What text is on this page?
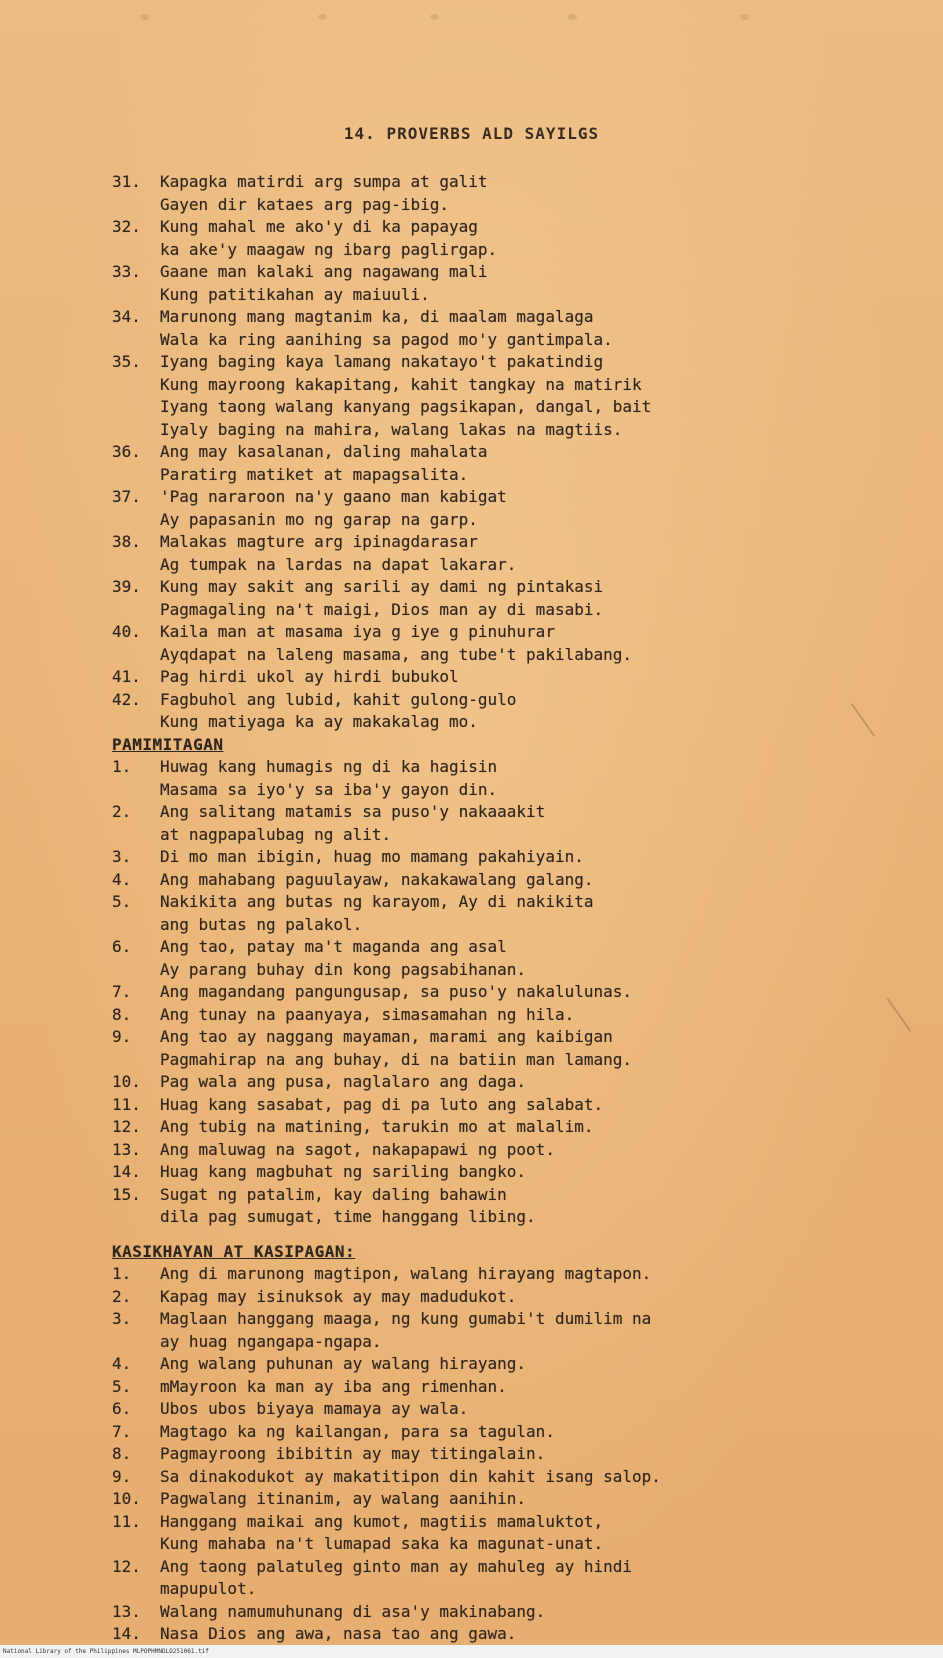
14. PROVERBS ALD SAYILGS
31.	Kapagka matirdi arg sumpa at galit
Gayen dir kataes arg pag-ibig.
32.	Kung mahal me ako'y di ka papayag
ka ake'y maagaw ng ibarg paglirgap.
33.	Gaane man kalaki ang nagawang mali
Kung patitikahan ay maiuuli.
34.	Marunong mang magtanim ka, di maalam magalaga
Wala ka ring aanihing sa pagod mo'y gantimpala.
35.	Iyang baging kaya lamang nakatayo't pakatindig
Kung mayroong kakapitang, kahit tangkay na matirik
Iyang taong walang kanyang pagsikapan, dangal, bait
Iyaly baging na mahira, walang lakas na magtiis.
36.	Ang may kasalanan, daling mahalata
Paratirg matiket at mapagsalita.
37.	'Pag nararoon na'y gaano man kabigat
Ay papasanin mo ng garap na garp.
38.	Malakas magture arg ipinagdarasar
Ag tumpak na lardas na dapat lakarar.
39.	Kung may sakit ang sarili ay dami ng pintakasi
Pagmagaling na't maigi, Dios man ay di masabi.
40.	Kaila man at masama iya g iye g pinuhurar
Ayqdapat na laleng masama, ang tube't pakilabang.
41.	Pag hirdi ukol ay hirdi bubukol
42.	Fagbuhol ang lubid, kahit gulong-gulo
Kung matiyaga ka ay makakalag mo.
PAMIMITAGAN
1.	Huwag kang humagis ng di ka hagisin
Masama sa iyo'y sa iba'y gayon din.
2.	Ang salitang matamis sa puso'y nakaaakit
at nagpapalubag ng alit.
3.	Di mo man ibigin, huag mo mamang pakahiyain.
4.	Ang mahabang paguulayaw, nakakawalang galang.
5.	Nakikita ang butas ng karayom, Ay di nakikita
ang butas ng palakol.
6.	Ang tao, patay ma't maganda ang asal
Ay parang buhay din kong pagsabihanan.
7.	Ang magandang pangungusap, sa puso'y nakalulunas.
8.	Ang tunay na paanyaya, simasamahan ng hila.
9.	Ang tao ay naggang mayaman, marami ang kaibigan
Pagmahirap na ang buhay, di na batiin man lamang.
10.	Pag wala ang pusa, naglalaro ang daga.
11.	Huag kang sasabat, pag di pa luto ang salabat.
12.	Ang tubig na matining, tarukin mo at malalim.
13.	Ang maluwag na sagot, nakapapawi ng poot.
14.	Huag kang magbuhat ng sariling bangko.
15.	Sugat ng patalim, kay daling bahawin
dila pag sumugat, time hanggang libing.
KASIKHAYAN AT KASIPAGAN:
1.	Ang di marunong magtipon, walang hirayang magtapon.
2.	Kapag may isinuksok ay may madudukot.
3.	Maglaan hanggang maaga, ng kung gumabi't dumilim na
ay huag ngangapa-ngapa.
4.	Ang walang puhunan ay walang hirayang.
5.	mMayroon ka man ay iba ang rimenhan.
6.	Ubos ubos biyaya mamaya ay wala.
7.	Magtago ka ng kailangan, para sa tagulan.
8.	Pagmayroong ibibitin ay may titingalain.
9.	Sa dinakodukot ay makatitipon din kahit isang salop.
10.	Pagwalang itinanim, ay walang aanihin.
11.	Hanggang maikai ang kumot, magtiis mamaluktot,
Kung mahaba na't lumapad saka ka magunat-unat.
12.	Ang taong palatuleg ginto man ay mahuleg ay hindi
mapupulot.
13.	Walang namumuhunang di asa'y makinabang.
14.	Nasa Dios ang awa, nasa tao ang gawa.
National Library of the Philippines MLPOPHMNDLO251061.tif
